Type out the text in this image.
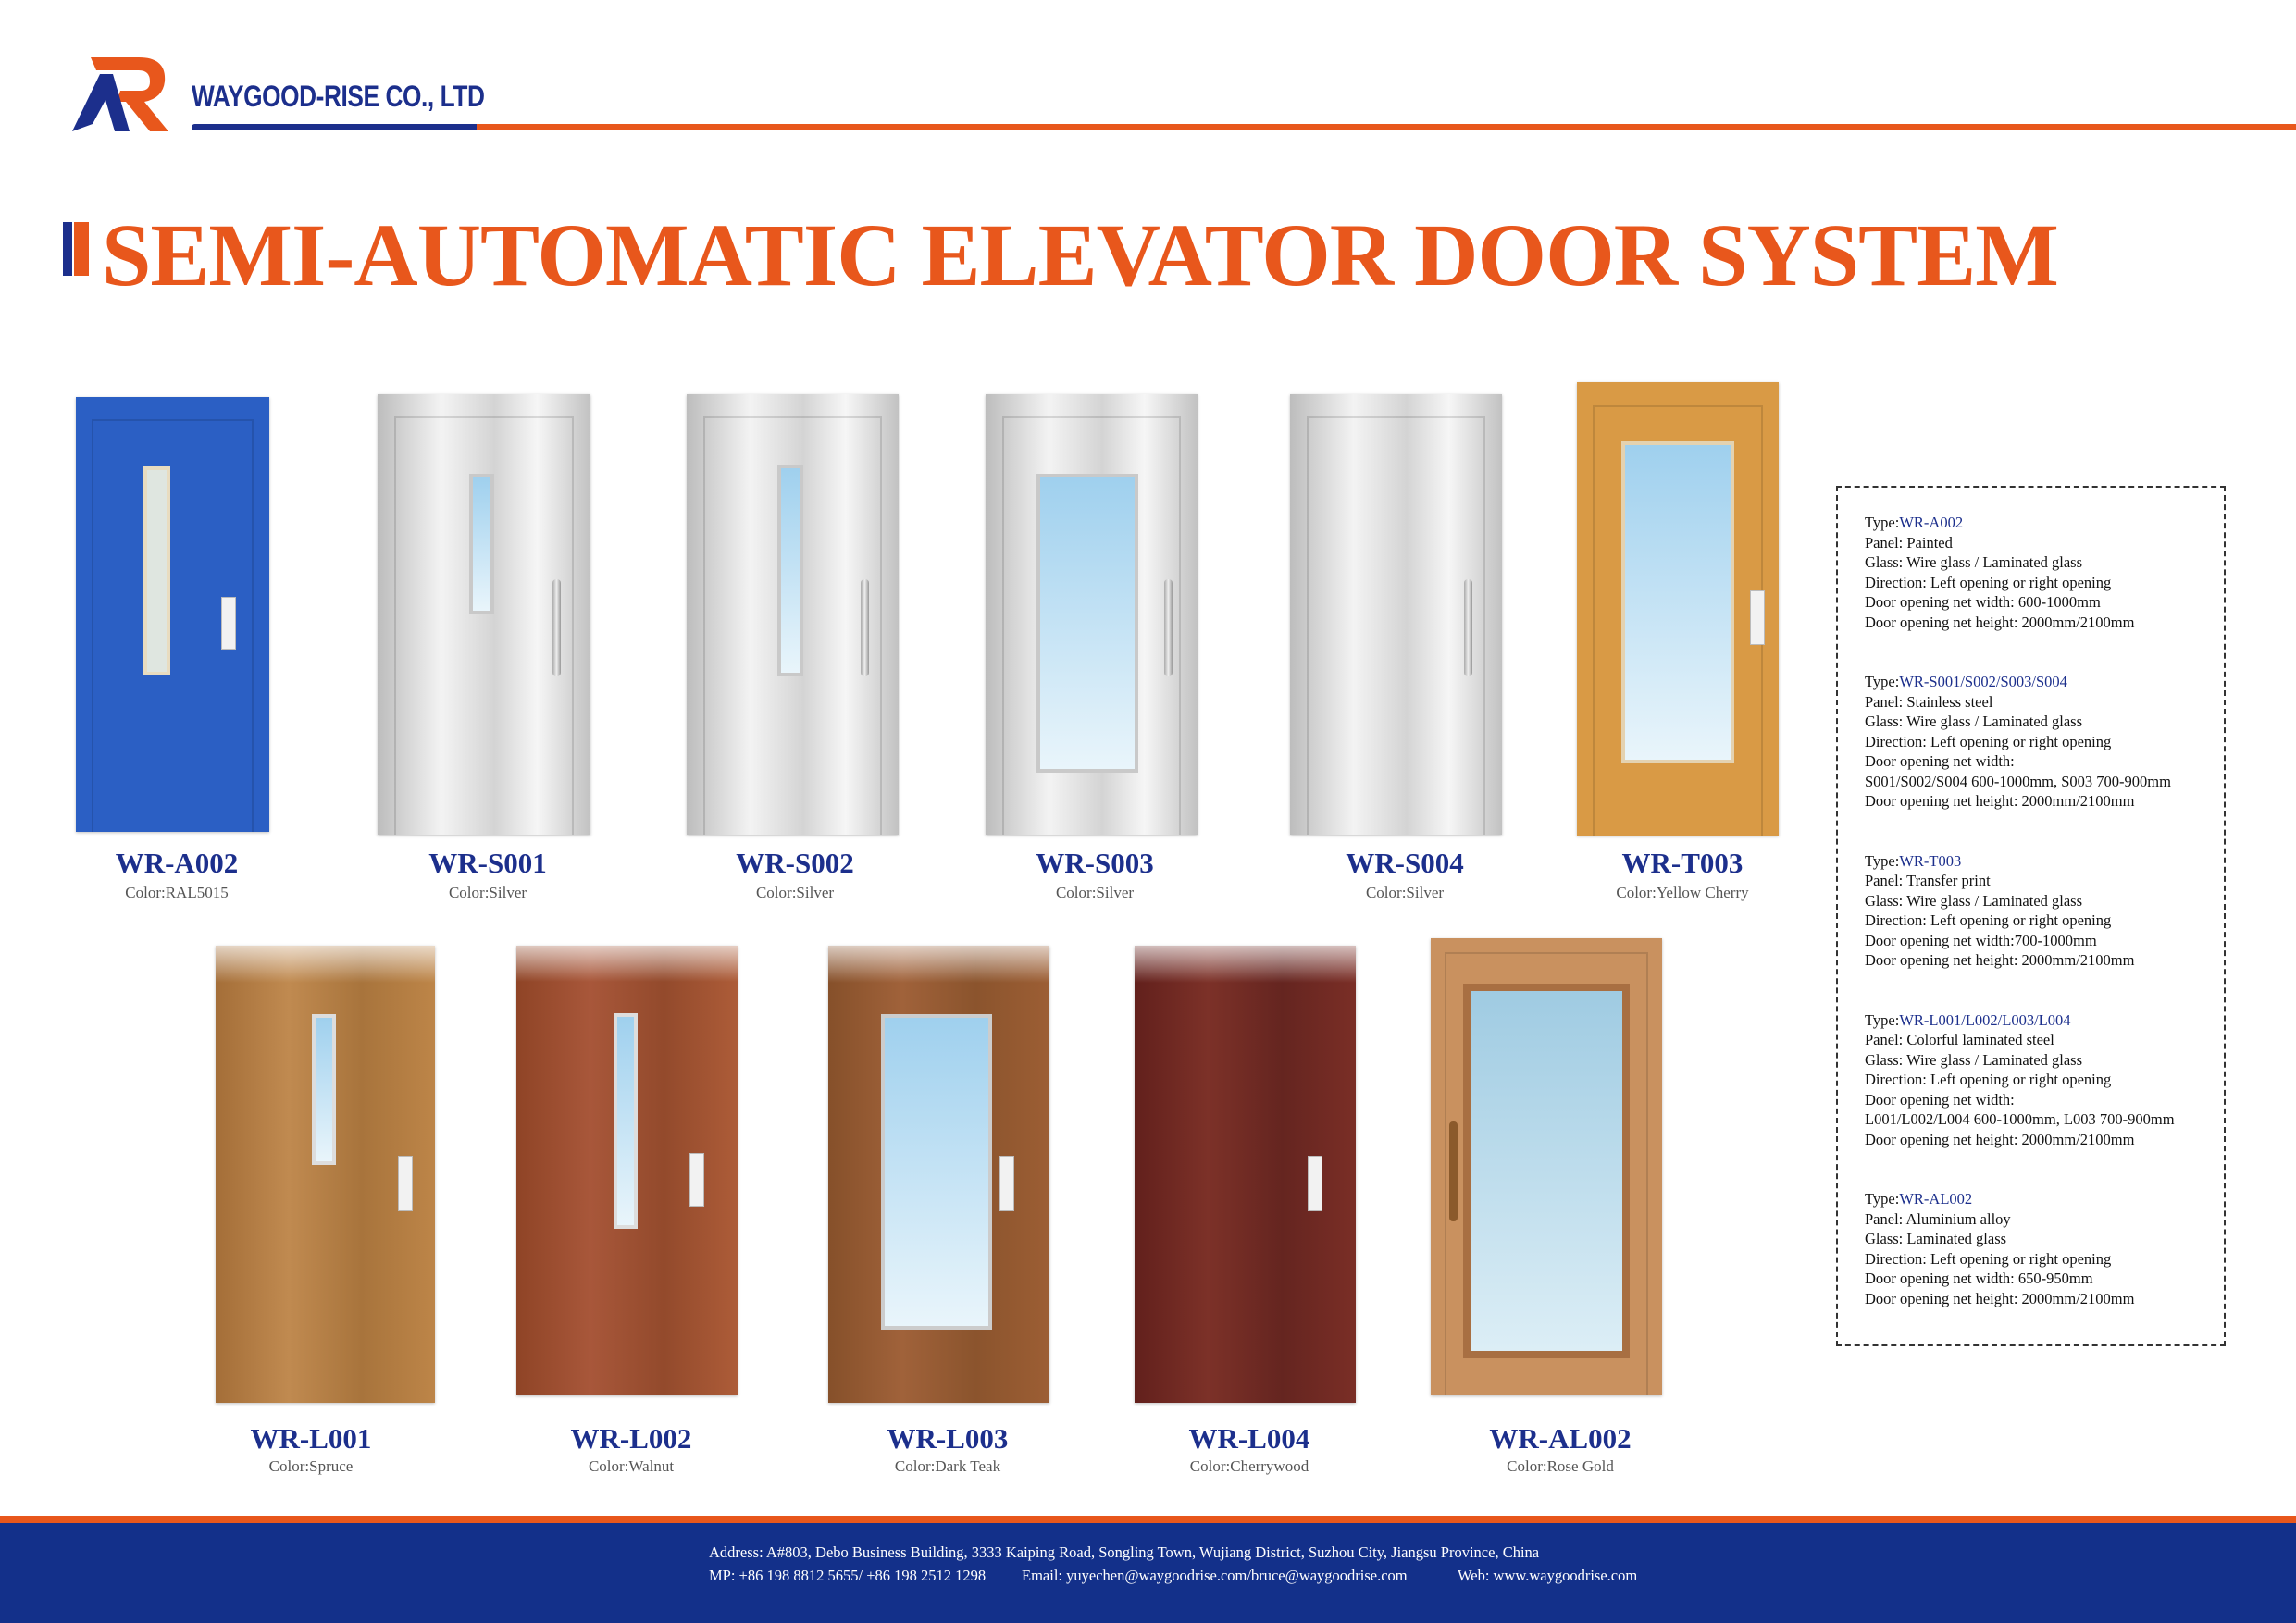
WAYGOOD-RISE CO., LTD
SEMI-AUTOMATIC ELEVATOR DOOR SYSTEM
WR-A002
Color:RAL5015
WR-S001
Color:Silver
WR-S002
Color:Silver
WR-S003
Color:Silver
WR-S004
Color:Silver
WR-T003
Color:Yellow Cherry
WR-L001
Color:Spruce
WR-L002
Color:Walnut
WR-L003
Color:Dark Teak
WR-L004
Color:Cherrywood
WR-AL002
Color:Rose Gold
Type:WR-A002
Panel: Painted
Glass: Wire glass / Laminated glass
Direction: Left opening or right opening
Door opening net width: 600-1000mm
Door opening net height: 2000mm/2100mm
Type:WR-S001/S002/S003/S004
Panel: Stainless steel
Glass: Wire glass / Laminated glass
Direction: Left opening or right opening
Door opening net width:
S001/S002/S004 600-1000mm, S003 700-900mm
Door opening net height: 2000mm/2100mm
Type:WR-T003
Panel: Transfer print
Glass: Wire glass / Laminated glass
Direction: Left opening or right opening
Door opening net width:700-1000mm
Door opening net height: 2000mm/2100mm
Type:WR-L001/L002/L003/L004
Panel: Colorful laminated steel
Glass: Wire glass / Laminated glass
Direction: Left opening or right opening
Door opening net width:
L001/L002/L004 600-1000mm, L003 700-900mm
Door opening net height: 2000mm/2100mm
Type:WR-AL002
Panel: Aluminium alloy
Glass: Laminated glass
Direction: Left opening or right opening
Door opening net width: 650-950mm
Door opening net height: 2000mm/2100mm
Address: A#803, Debo Business Building, 3333 Kaiping Road, Songling Town, Wujiang District, Suzhou City, Jiangsu Province, China
MP: +86 198 8812 5655/ +86 198 2512 1298 Email: yuyechen@waygoodrise.com/bruce@waygoodrise.com	Web: www.waygoodrise.com
